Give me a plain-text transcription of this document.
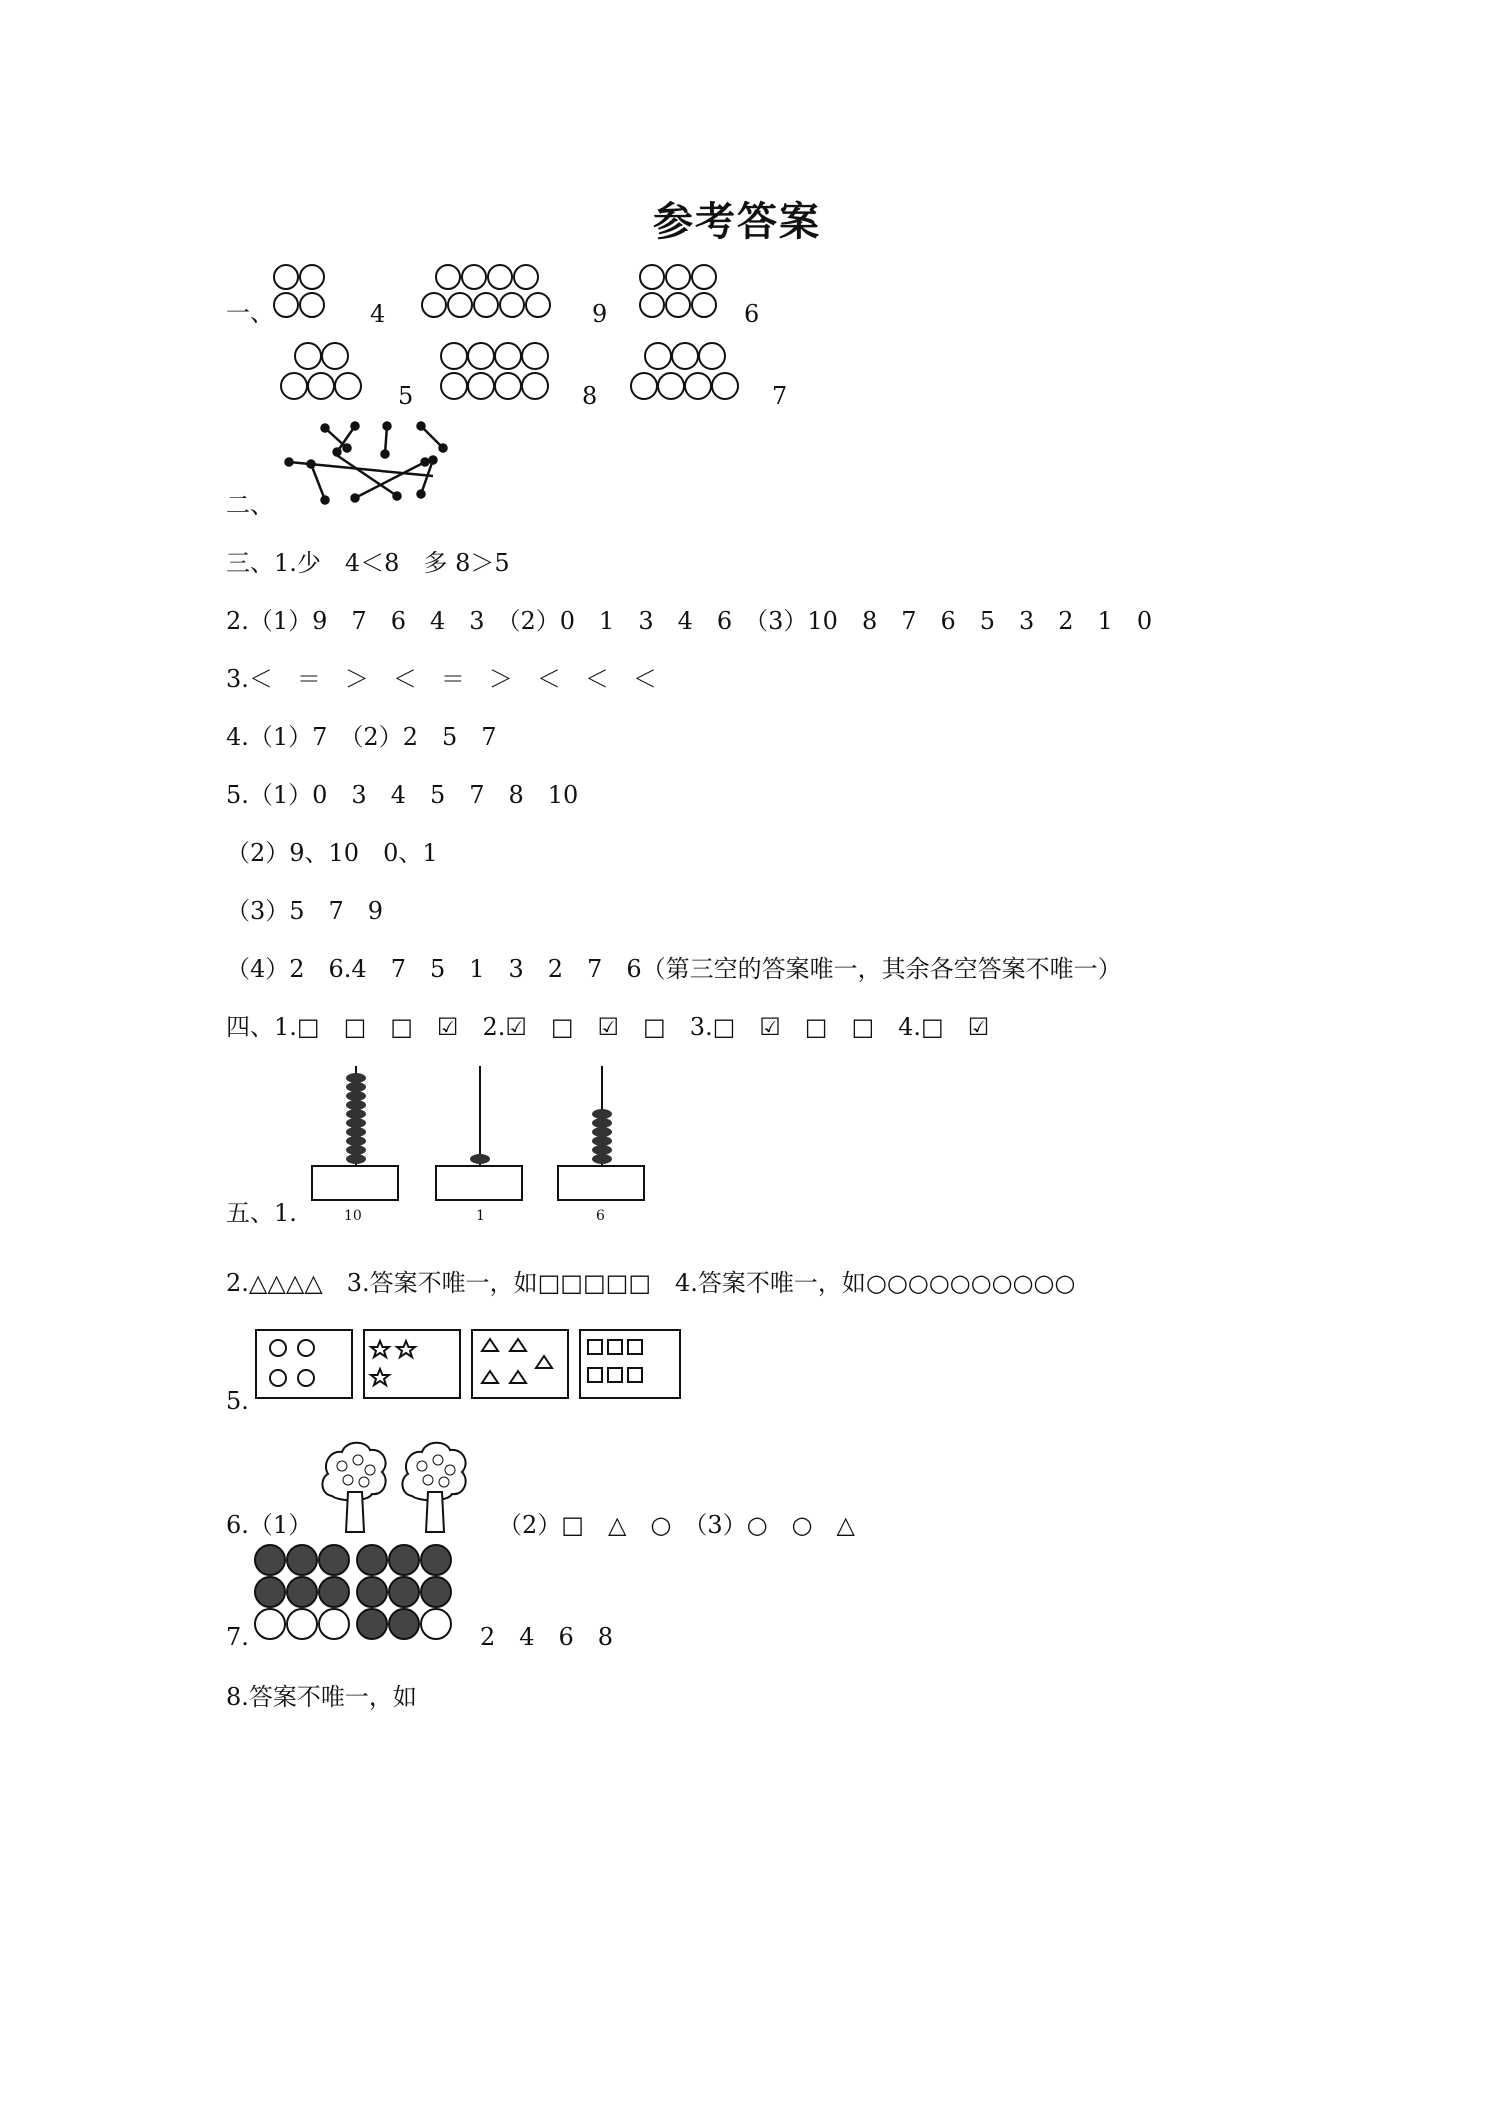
参考答案
一、	4	9	6
5	8	7
二、
三、1.少　4＜8　多 8＞5
2.（1）9　7　6　4　3　（2）0　1　3　4　6　（3）10　8　7　6　5　3　2　1　0
3.＜　＝　＞　＜　＝　＞　＜　＜　＜
4.（1）7　（2）2　5　7
5.（1）0　3　4　5　7　8　10
（2）9、10　0、1
（3）5　7　9
（4）2　6.4　7　5　1　3　2　7　6（第三空的答案唯一，其余各空答案不唯一）
四、1.□　□　□　☑　2.☑　□　☑　□　3.□　☑　□　□　4.□　☑
五、1.	10	1	6
2.△△△△　3.答案不唯一，如□□□□□　4.答案不唯一，如○○○○○○○○○○
5.
6.（1）	（2）□　△　○　（3）○　○　△
7.	2　4　6　8
8.答案不唯一，如
